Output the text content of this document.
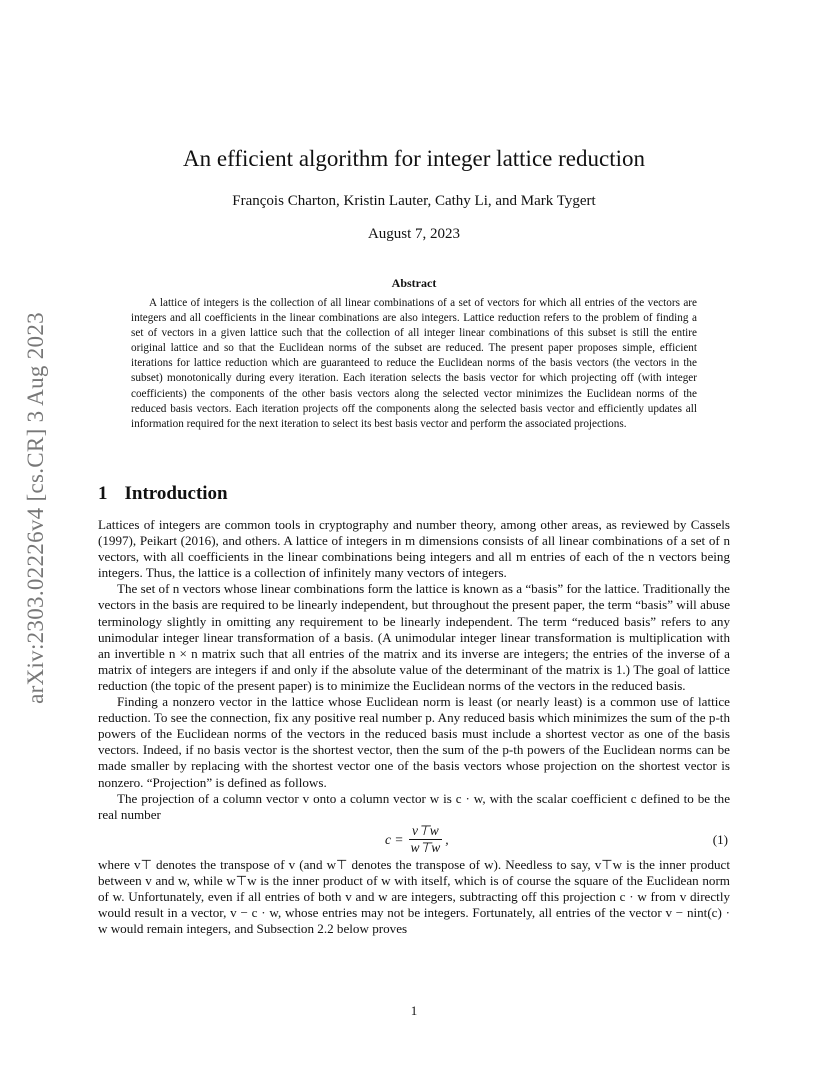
arXiv:2303.02226v4 [cs.CR] 3 Aug 2023
An efficient algorithm for integer lattice reduction
François Charton, Kristin Lauter, Cathy Li, and Mark Tygert
August 7, 2023
Abstract

A lattice of integers is the collection of all linear combinations of a set of vectors for which all entries of the vectors are integers and all coefficients in the linear combinations are also integers. Lattice reduction refers to the problem of finding a set of vectors in a given lattice such that the collection of all integer linear combinations of this subset is still the entire original lattice and so that the Euclidean norms of the subset are reduced. The present paper proposes simple, efficient iterations for lattice reduction which are guaranteed to reduce the Euclidean norms of the basis vectors (the vectors in the subset) monotonically during every iteration. Each iteration selects the basis vector for which projecting off (with integer coefficients) the components of the other basis vectors along the selected vector minimizes the Euclidean norms of the reduced basis vectors. Each iteration projects off the components along the selected basis vector and efficiently updates all information required for the next iteration to select its best basis vector and perform the associated projections.

1 Introduction

Lattices of integers are common tools in cryptography and number theory, among other areas, as reviewed by Cassels (1997), Peikart (2016), and others. A lattice of integers in m dimensions consists of all linear combinations of a set of n vectors, with all coefficients in the linear combinations being integers and all m entries of each of the n vectors being integers. Thus, the lattice is a collection of infinitely many vectors of integers.

The set of n vectors whose linear combinations form the lattice is known as a “basis” for the lattice. Traditionally the vectors in the basis are required to be linearly independent, but throughout the present paper, the term “basis” will abuse terminology slightly in omitting any requirement to be linearly independent. The term “reduced basis” refers to any unimodular integer linear transformation of a basis. (A unimodular integer linear transformation is multiplication with an invertible n × n matrix such that all entries of the matrix and its inverse are integers; the entries of the inverse of a matrix of integers are integers if and only if the absolute value of the determinant of the matrix is 1.) The goal of lattice reduction (the topic of the present paper) is to minimize the Euclidean norms of the vectors in the reduced basis.

Finding a nonzero vector in the lattice whose Euclidean norm is least (or nearly least) is a common use of lattice reduction. To see the connection, fix any positive real number p. Any reduced basis which minimizes the sum of the p-th powers of the Euclidean norms of the vectors in the reduced basis must include a shortest vector as one of the basis vectors. Indeed, if no basis vector is the shortest vector, then the sum of the p-th powers of the Euclidean norms can be made smaller by replacing with the shortest vector one of the basis vectors whose projection on the shortest vector is nonzero. “Projection” is defined as follows.

The projection of a column vector v onto a column vector w is c · w, with the scalar coefficient c defined to be the real number

$c = \frac{v⊤w}{w⊤w}$ ,	(1)

where v⊤ denotes the transpose of v (and w⊤ denotes the transpose of w). Needless to say, v⊤w is the inner product between v and w, while w⊤w is the inner product of w with itself, which is of course the square of the Euclidean norm of w. Unfortunately, even if all entries of both v and w are integers, subtracting off this projection c · w from v directly would result in a vector, v − c · w, whose entries may not be integers. Fortunately, all entries of the vector v − nint(c) · w would remain integers, and Subsection 2.2 below proves

1
